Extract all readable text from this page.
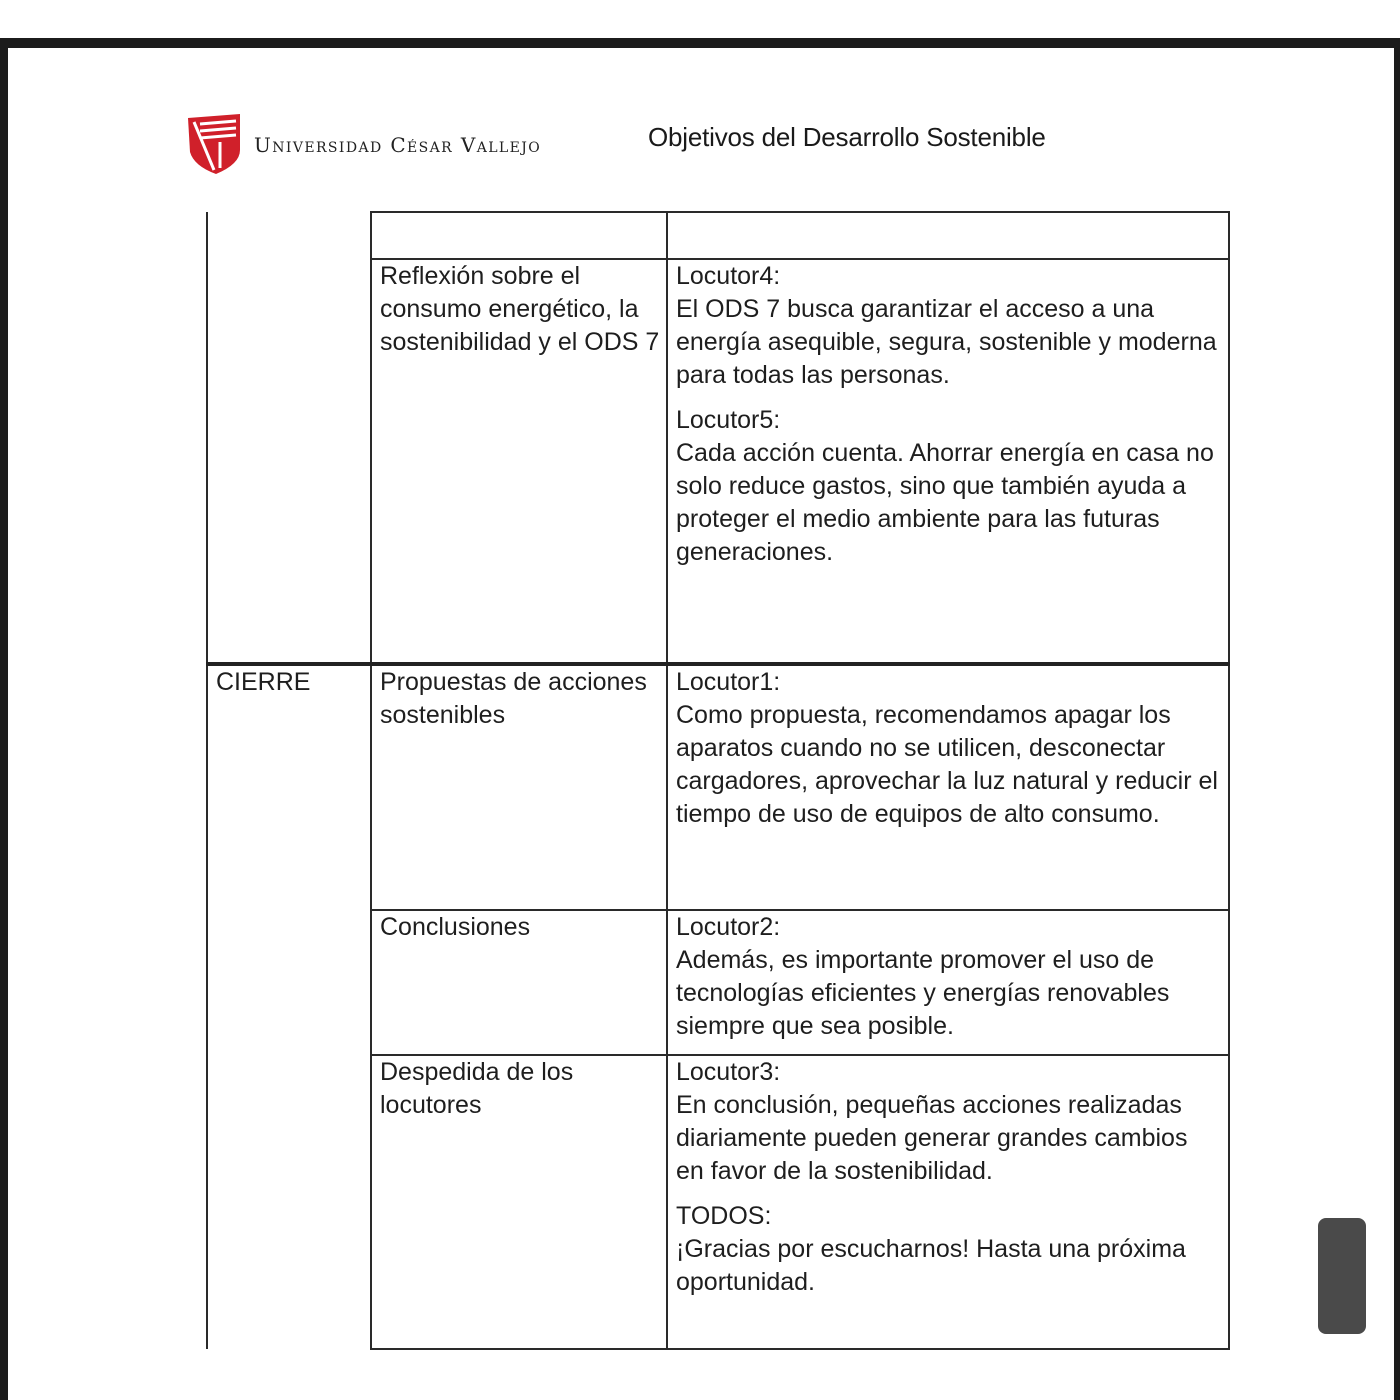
Universidad César Vallejo	Objetivos del Desarrollo Sostenible

	Reflexión sobre el consumo energético, la sostenibilidad y el ODS 7	Locutor4:
El ODS 7 busca garantizar el acceso a una energía asequible, segura, sostenible y moderna para todas las personas.
Locutor5:
Cada acción cuenta. Ahorrar energía en casa no solo reduce gastos, sino que también ayuda a proteger el medio ambiente para las futuras generaciones.

CIERRE	Propuestas de acciones sostenibles	Locutor1:
Como propuesta, recomendamos apagar los aparatos cuando no se utilicen, desconectar cargadores, aprovechar la luz natural y reducir el tiempo de uso de equipos de alto consumo.

	Conclusiones	Locutor2:
Además, es importante promover el uso de tecnologías eficientes y energías renovables siempre que sea posible.

	Despedida de los locutores	Locutor3:
En conclusión, pequeñas acciones realizadas diariamente pueden generar grandes cambios en favor de la sostenibilidad.
TODOS:
¡Gracias por escucharnos! Hasta una próxima oportunidad.
